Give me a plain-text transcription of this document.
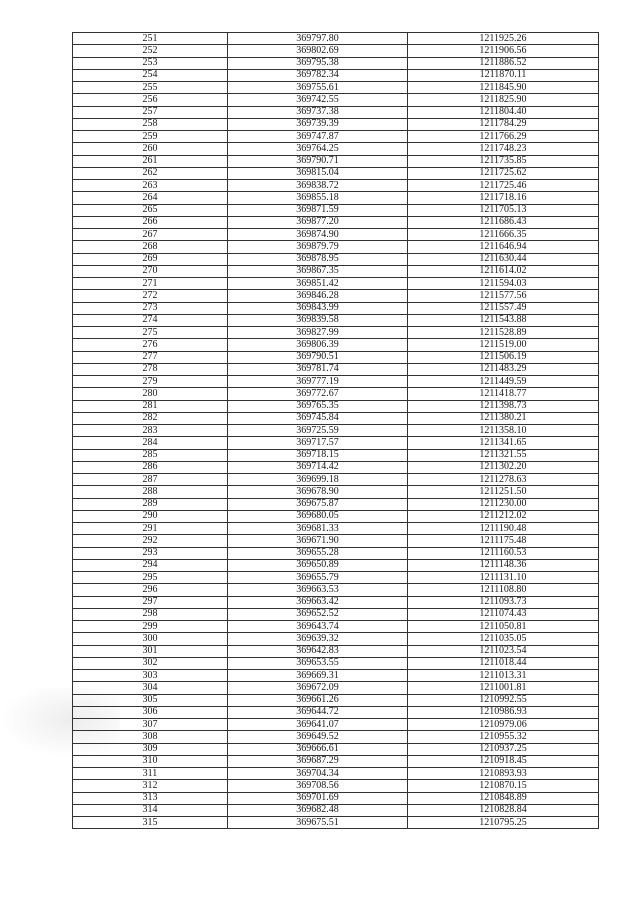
251	369797.80	1211925.26
252	369802.69	1211906.56
253	369795.38	1211886.52
254	369782.34	1211870.11
255	369755.61	1211845.90
256	369742.55	1211825.90
257	369737.38	1211804.40
258	369739.39	1211784.29
259	369747.87	1211766.29
260	369764.25	1211748.23
261	369790.71	1211735.85
262	369815.04	1211725.62
263	369838.72	1211725.46
264	369855.18	1211718.16
265	369871.59	1211705.13
266	369877.20	1211686.43
267	369874.90	1211666.35
268	369879.79	1211646.94
269	369878.95	1211630.44
270	369867.35	1211614.02
271	369851.42	1211594.03
272	369846.28	1211577.56
273	369843.99	1211557.49
274	369839.58	1211543.88
275	369827.99	1211528.89
276	369806.39	1211519.00
277	369790.51	1211506.19
278	369781.74	1211483.29
279	369777.19	1211449.59
280	369772.67	1211418.77
281	369765.35	1211398.73
282	369745.84	1211380.21
283	369725.59	1211358.10
284	369717.57	1211341.65
285	369718.15	1211321.55
286	369714.42	1211302.20
287	369699.18	1211278.63
288	369678.90	1211251.50
289	369675.87	1211230.00
290	369680.05	1211212.02
291	369681.33	1211190.48
292	369671.90	1211175.48
293	369655.28	1211160.53
294	369650.89	1211148.36
295	369655.79	1211131.10
296	369663.53	1211108.80
297	369663.42	1211093.73
298	369652.52	1211074.43
299	369643.74	1211050.81
300	369639.32	1211035.05
301	369642.83	1211023.54
302	369653.55	1211018.44
303	369669.31	1211013.31
304	369672.09	1211001.81
305	369661.26	1210992.55
306	369644.72	1210986.93
307	369641.07	1210979.06
308	369649.52	1210955.32
309	369666.61	1210937.25
310	369687.29	1210918.45
311	369704.34	1210893.93
312	369708.56	1210870.15
313	369701.69	1210848.89
314	369682.48	1210828.84
315	369675.51	1210795.25
